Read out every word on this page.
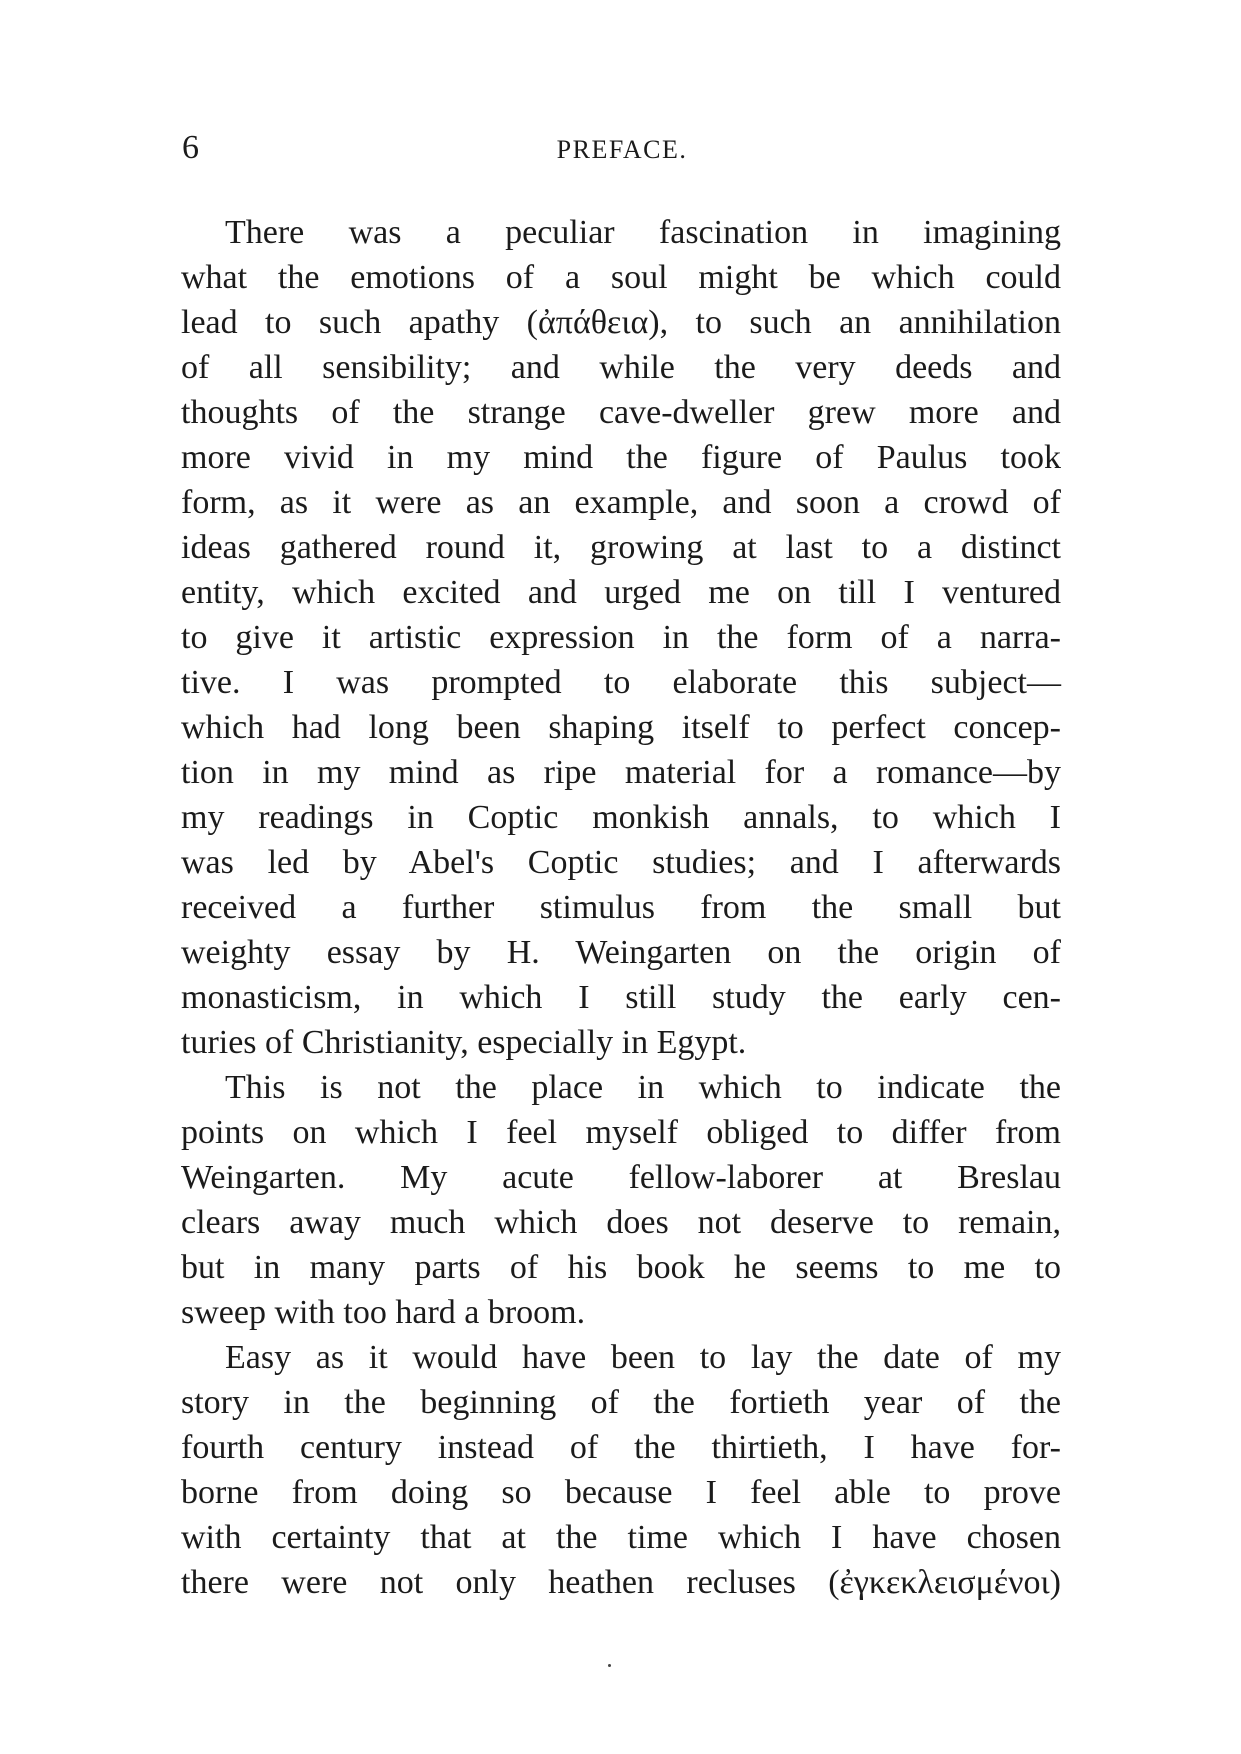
6	PREFACE.
There was a peculiar fascination in imagining
what the emotions of a soul might be which could
lead to such apathy (ἀπάθεια), to such an annihilation
of all sensibility; and while the very deeds and
thoughts of the strange cave-dweller grew more and
more vivid in my mind the figure of Paulus took
form, as it were as an example, and soon a crowd of
ideas gathered round it, growing at last to a distinct
entity, which excited and urged me on till I ventured
to give it artistic expression in the form of a narra-
tive. I was prompted to elaborate this subject—
which had long been shaping itself to perfect concep-
tion in my mind as ripe material for a romance—by
my readings in Coptic monkish annals, to which I
was led by Abel's Coptic studies; and I afterwards
received a further stimulus from the small but
weighty essay by H. Weingarten on the origin of
monasticism, in which I still study the early cen-
turies of Christianity, especially in Egypt.
This is not the place in which to indicate the
points on which I feel myself obliged to differ from
Weingarten. My acute fellow-laborer at Breslau
clears away much which does not deserve to remain,
but in many parts of his book he seems to me to
sweep with too hard a broom.
Easy as it would have been to lay the date of my
story in the beginning of the fortieth year of the
fourth century instead of the thirtieth, I have for-
borne from doing so because I feel able to prove
with certainty that at the time which I have chosen
there were not only heathen recluses (ἐγκεκλεισμένοι)
